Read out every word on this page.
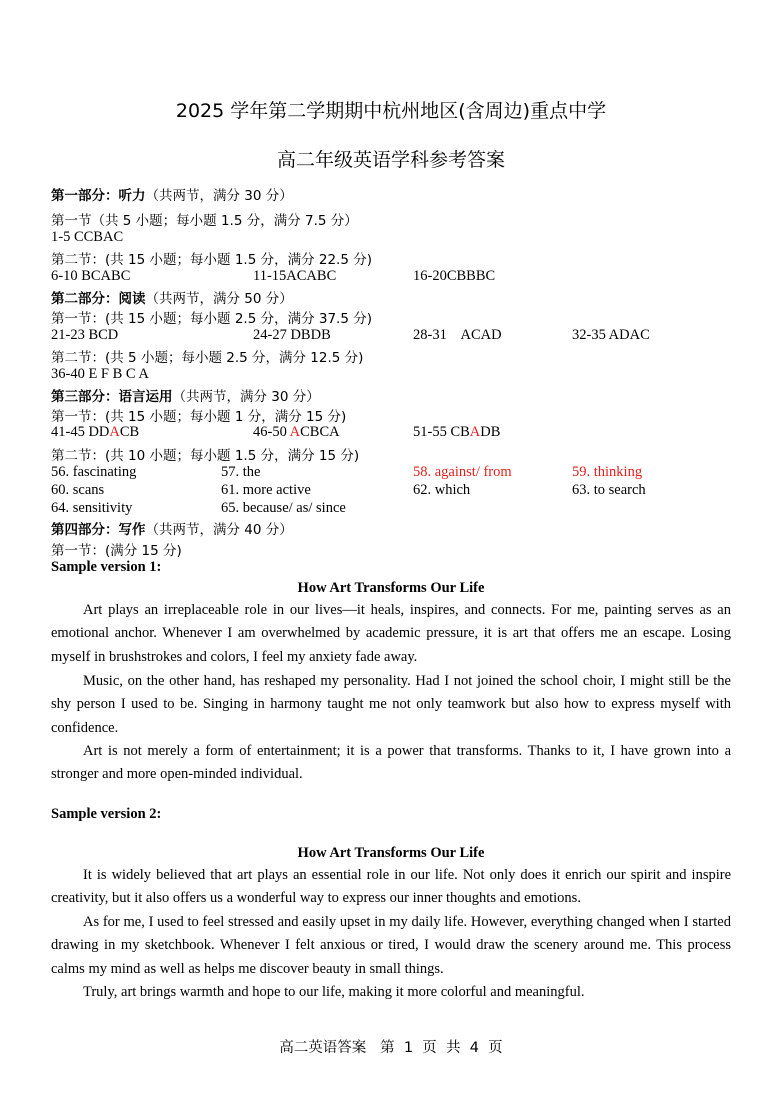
2025 学年第二学期期中杭州地区(含周边)重点中学
高二年级英语学科参考答案
第一部分：听力（共两节，满分 30 分）
第一节（共 5 小题；每小题 1.5 分，满分 7.5 分）
1-5 CCBAC
第二节：(共 15 小题；每小题 1.5 分，满分 22.5 分)
6-10 BCABC	11-15ACABC	16-20CBBBC
第二部分：阅读（共两节，满分 50 分）
第一节：(共 15 小题；每小题 2.5 分，满分 37.5 分)
21-23 BCD	24-27 DBDB	28-31    ACAD	32-35 ADAC
第二节：(共 5 小题；每小题 2.5 分，满分 12.5 分)
36-40 E F B C A
第三部分：语言运用（共两节，满分 30 分）
第一节：(共 15 小题；每小题 1 分，满分 15 分)
41-45 DDACB	46-50 ACBCA	51-55 CBADB
第二节：(共 10 小题；每小题 1.5 分，满分 15 分)
56. fascinating	57. the	58. against/ from	59. thinking
60. scans	61. more active	62. which	63. to search
64. sensitivity	65. because/ as/ since
第四部分：写作（共两节，满分 40 分）
第一节：(满分 15 分)
Sample version 1:
How Art Transforms Our Life
Art plays an irreplaceable role in our lives—it heals, inspires, and connects. For me, painting serves as an emotional anchor. Whenever I am overwhelmed by academic pressure, it is art that offers me an escape. Losing myself in brushstrokes and colors, I feel my anxiety fade away.
Music, on the other hand, has reshaped my personality. Had I not joined the school choir, I might still be the shy person I used to be. Singing in harmony taught me not only teamwork but also how to express myself with confidence.
Art is not merely a form of entertainment; it is a power that transforms. Thanks to it, I have grown into a stronger and more open-minded individual.
Sample version 2:
How Art Transforms Our Life
It is widely believed that art plays an essential role in our life. Not only does it enrich our spirit and inspire creativity, but it also offers us a wonderful way to express our inner thoughts and emotions.
As for me, I used to feel stressed and easily upset in my daily life. However, everything changed when I started drawing in my sketchbook. Whenever I felt anxious or tired, I would draw the scenery around me. This process calms my mind as well as helps me discover beauty in small things.
Truly, art brings warmth and hope to our life, making it more colorful and meaningful.
高二英语答案   第  1  页  共  4  页
